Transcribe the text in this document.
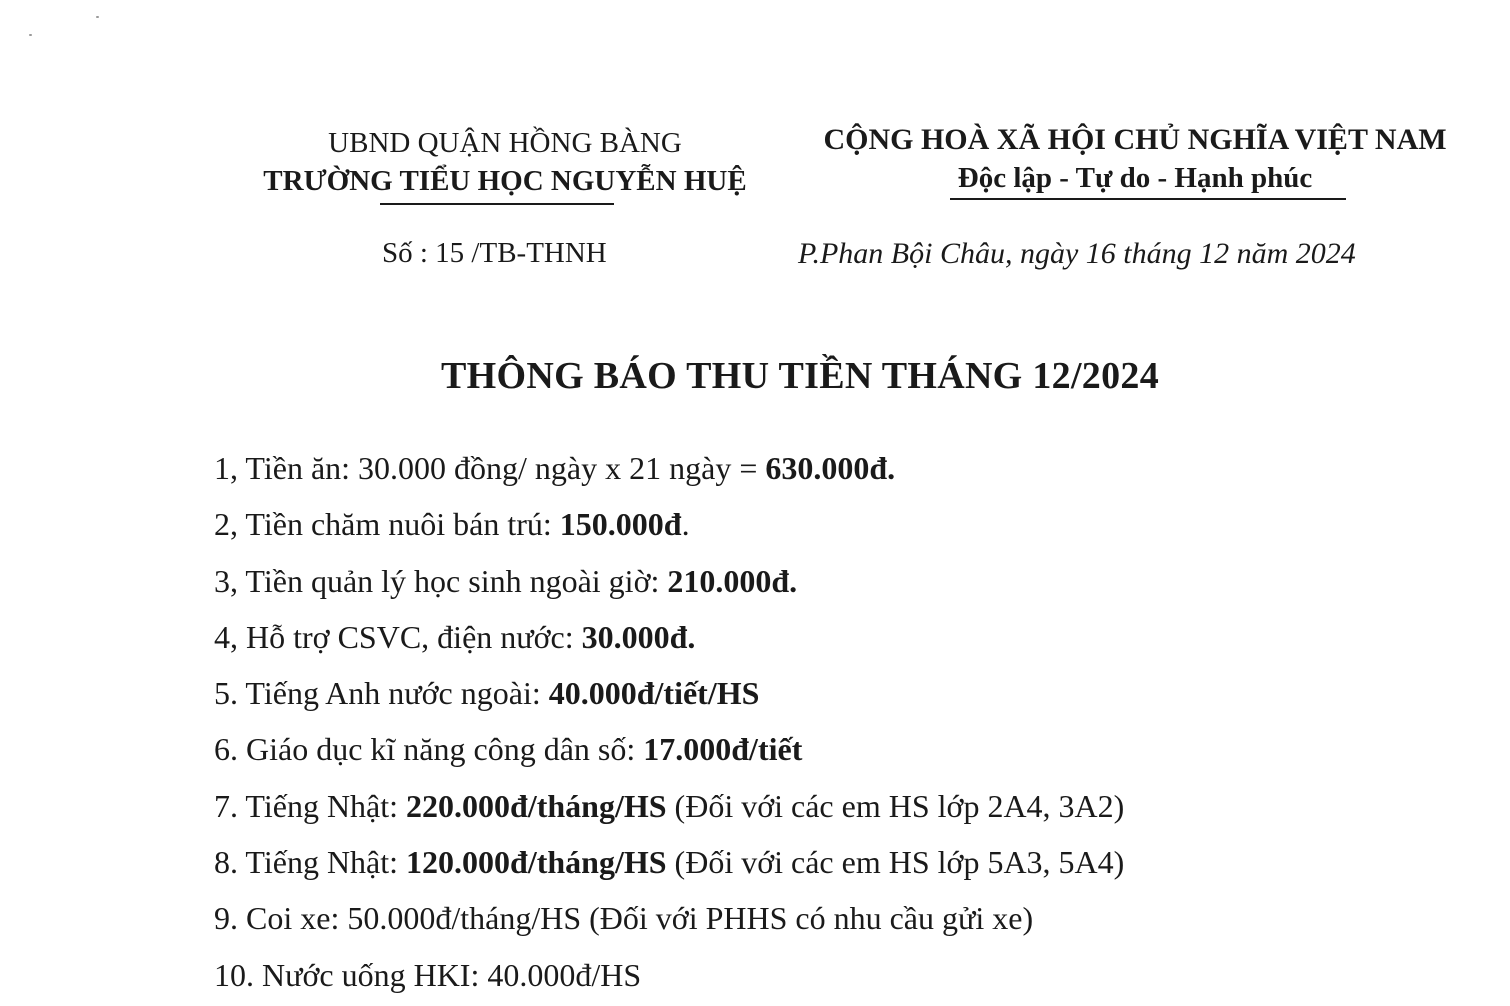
UBND QUẬN HỒNG BÀNG
TRƯỜNG TIỂU HỌC NGUYỄN HUỆ
CỘNG HOÀ XÃ HỘI CHỦ NGHĨA VIỆT NAM
Độc lập - Tự do - Hạnh phúc
Số : 15 /TB-THNH	P.Phan Bội Châu, ngày 16 tháng 12 năm 2024
THÔNG BÁO THU TIỀN THÁNG 12/2024
1, Tiền ăn: 30.000 đồng/ ngày x 21 ngày = 630.000đ.
2, Tiền chăm nuôi bán trú: 150.000đ.
3, Tiền quản lý học sinh ngoài giờ: 210.000đ.
4, Hỗ trợ CSVC, điện nước: 30.000đ.
5. Tiếng Anh nước ngoài: 40.000đ/tiết/HS
6. Giáo dục kĩ năng công dân số: 17.000đ/tiết
7. Tiếng Nhật: 220.000đ/tháng/HS (Đối với các em HS lớp 2A4, 3A2)
8. Tiếng Nhật: 120.000đ/tháng/HS (Đối với các em HS lớp 5A3, 5A4)
9. Coi xe: 50.000đ/tháng/HS (Đối với PHHS có nhu cầu gửi xe)
10. Nước uống HKI: 40.000đ/HS
